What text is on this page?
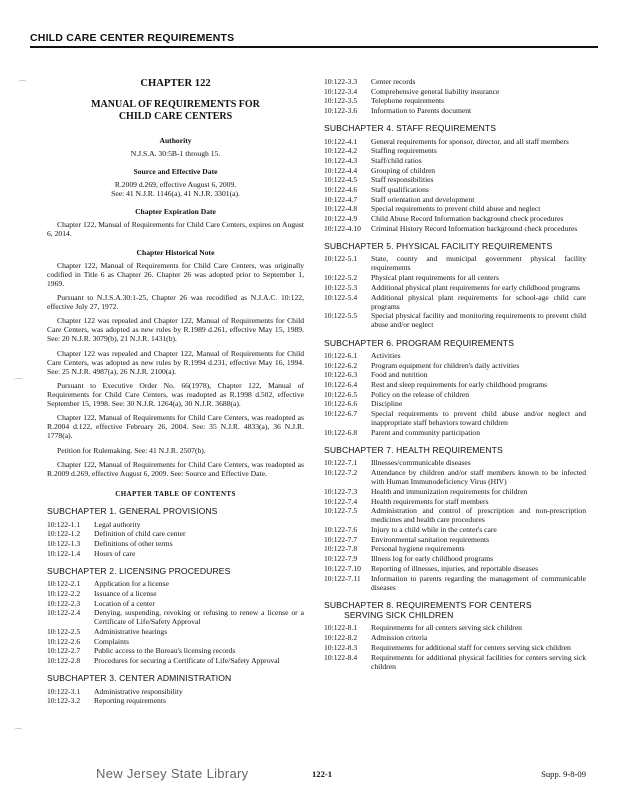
CHILD CARE CENTER REQUIREMENTS
⌒
⌒
⌒
CHAPTER 122
MANUAL OF REQUIREMENTS FOR
CHILD CARE CENTERS
Authority
N.J.S.A. 30:5B-1 through 15.
Source and Effective Date
R.2009 d.269, effective August 6, 2009.
See: 41 N.J.R. 1146(a), 41 N.J.R. 3301(a).
Chapter Expiration Date

Chapter 122, Manual of Requirements for Child Care Centers, expires on August 6, 2014.

Chapter Historical Note

Chapter 122, Manual of Requirements for Child Care Centers, was originally codified in Title 6 as Chapter 26. Chapter 26 was adopted prior to September 1, 1969.

Pursuant to N.J.S.A.30:1-25, Chapter 26 was recodified as N.J.A.C. 10:122, effective July 27, 1972.

Chapter 122 was repealed and Chapter 122, Manual of Requirements for Child Care Centers, was adopted as new rules by R.1989 d.261, effective May 15, 1989. See: 20 N.J.R. 3079(b), 21 N.J.R. 1431(b).

Chapter 122 was repealed and Chapter 122, Manual of Requirements for Child Care Centers, was adopted as new rules by R.1994 d.231, effective May 16, 1994. See: 25 N.J.R. 4987(a), 26 N.J.R. 2100(a).

Pursuant to Executive Order No. 66(1978), Chapter 122, Manual of Requirements for Child Care Centers, was readopted as R.1998 d.502, effective September 15, 1998. See: 30 N.J.R. 1264(a), 30 N.J.R. 3688(a).

Chapter 122, Manual of Requirements for Child Care Centers, was readopted as R.2004 d.122, effective February 26, 2004. See: 35 N.J.R. 4833(a), 36 N.J.R. 1778(a).

Petition for Rulemaking. See: 41 N.J.R. 2507(b).

Chapter 122, Manual of Requirements for Child Care Centers, was readopted as R.2009 d.269, effective August 6, 2009. See: Source and Effective Date.

CHAPTER TABLE OF CONTENTS
SUBCHAPTER 1. GENERAL PROVISIONS
10:122-1.1	Legal authority
10:122-1.2	Definition of child care center
10:122-1.3	Definitions of other terms
10:122-1.4	Hours of care
SUBCHAPTER 2. LICENSING PROCEDURES
10:122-2.1	Application for a license
10:122-2.2	Issuance of a license
10:122-2.3	Location of a center
10:122-2.4	Denying, suspending, revoking or refusing to renew a license or a Certificate of Life/Safety Approval
10:122-2.5	Administrative hearings
10:122-2.6	Complaints
10:122-2.7	Public access to the Bureau's licensing records
10:122-2.8	Procedures for securing a Certificate of Life/Safety Approval
SUBCHAPTER 3. CENTER ADMINISTRATION
10:122-3.1	Administrative responsibility
10:122-3.2	Reporting requirements
10:122-3.3	Center records
10:122-3.4	Comprehensive general liability insurance
10:122-3.5	Telephone requirements
10:122-3.6	Information to Parents document
SUBCHAPTER 4. STAFF REQUIREMENTS
10:122-4.1	General requirements for sponsor, director, and all staff members
10:122-4.2	Staffing requirements
10:122-4.3	Staff/child ratios
10:122-4.4	Grouping of children
10:122-4.5	Staff responsibilities
10:122-4.6	Staff qualifications
10:122-4.7	Staff orientation and development
10:122-4.8	Special requirements to prevent child abuse and neglect
10:122-4.9	Child Abuse Record Information background check procedures
10:122-4.10	Criminal History Record Information background check procedures
SUBCHAPTER 5. PHYSICAL FACILITY REQUIREMENTS
10:122-5.1	State, county and municipal government physical facility requirements
10:122-5.2	Physical plant requirements for all centers
10:122-5.3	Additional physical plant requirements for early childhood programs
10:122-5.4	Additional physical plant requirements for school-age child care programs
10:122-5.5	Special physical facility and monitoring requirements to prevent child abuse and/or neglect
SUBCHAPTER 6. PROGRAM REQUIREMENTS
10:122-6.1	Activities
10:122-6.2	Program equipment for children's daily activities
10:122-6.3	Food and nutrition
10:122-6.4	Rest and sleep requirements for early childhood programs
10:122-6.5	Policy on the release of children
10:122-6.6	Discipline
10:122-6.7	Special requirements to prevent child abuse and/or neglect and inappropriate staff behaviors toward children
10:122-6.8	Parent and community participation
SUBCHAPTER 7. HEALTH REQUIREMENTS
10:122-7.1	Illnesses/communicable diseases
10:122-7.2	Attendance by children and/or staff members known to be infected with Human Immunodeficiency Virus (HIV)
10:122-7.3	Health and immunization requirements for children
10:122-7.4	Health requirements for staff members
10:122-7.5	Administration and control of prescription and non-prescription medicines and health care procedures
10:122-7.6	Injury to a child while in the center's care
10:122-7.7	Environmental sanitation requirements
10:122-7.8	Personal hygiene requirements
10:122-7.9	Illness log for early childhood programs
10:122-7.10	Reporting of illnesses, injuries, and reportable diseases
10:122-7.11	Information to parents regarding the management of communicable diseases
SUBCHAPTER 8. REQUIREMENTS FOR CENTERS
SERVING SICK CHILDREN
10:122-8.1	Requirements for all centers serving sick children
10:122-8.2	Admission criteria
10:122-8.3	Requirements for additional staff for centers serving sick children
10:122-8.4	Requirements for additional physical facilities for centers serving sick children
New Jersey State Library	122-1	Supp. 9-8-09
